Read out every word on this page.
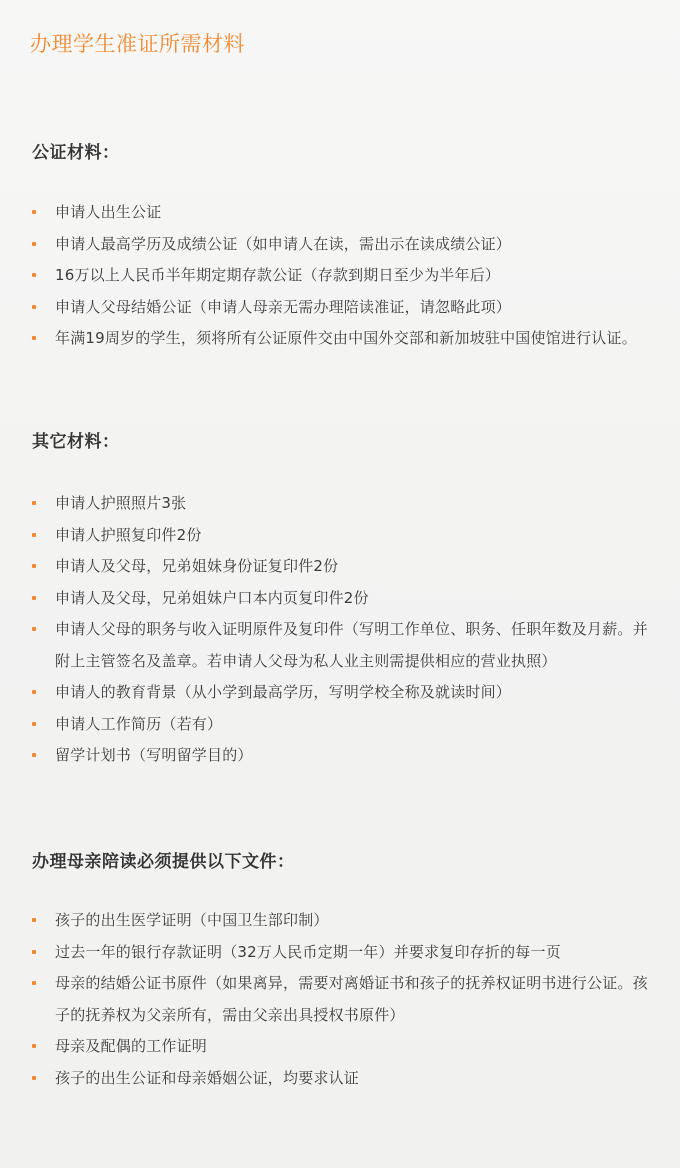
办理学生准证所需材料
公证材料：
申请人出生公证
申请人最高学历及成绩公证（如申请人在读，需出示在读成绩公证）
16万以上人民币半年期定期存款公证（存款到期日至少为半年后）
申请人父母结婚公证（申请人母亲无需办理陪读准证，请忽略此项）
年满19周岁的学生，须将所有公证原件交由中国外交部和新加坡驻中国使馆进行认证。
其它材料：
申请人护照照片3张
申请人护照复印件2份
申请人及父母，兄弟姐妹身份证复印件2份
申请人及父母，兄弟姐妹户口本内页复印件2份
申请人父母的职务与收入证明原件及复印件（写明工作单位、职务、任职年数及月薪。并附上主管签名及盖章。若申请人父母为私人业主则需提供相应的营业执照）
申请人的教育背景（从小学到最高学历，写明学校全称及就读时间）
申请人工作简历（若有）
留学计划书（写明留学目的）
办理母亲陪读必须提供以下文件：
孩子的出生医学证明（中国卫生部印制）
过去一年的银行存款证明（32万人民币定期一年）并要求复印存折的每一页
母亲的结婚公证书原件（如果离异，需要对离婚证书和孩子的抚养权证明书进行公证。孩子的抚养权为父亲所有，需由父亲出具授权书原件）
母亲及配偶的工作证明
孩子的出生公证和母亲婚姻公证，均要求认证
